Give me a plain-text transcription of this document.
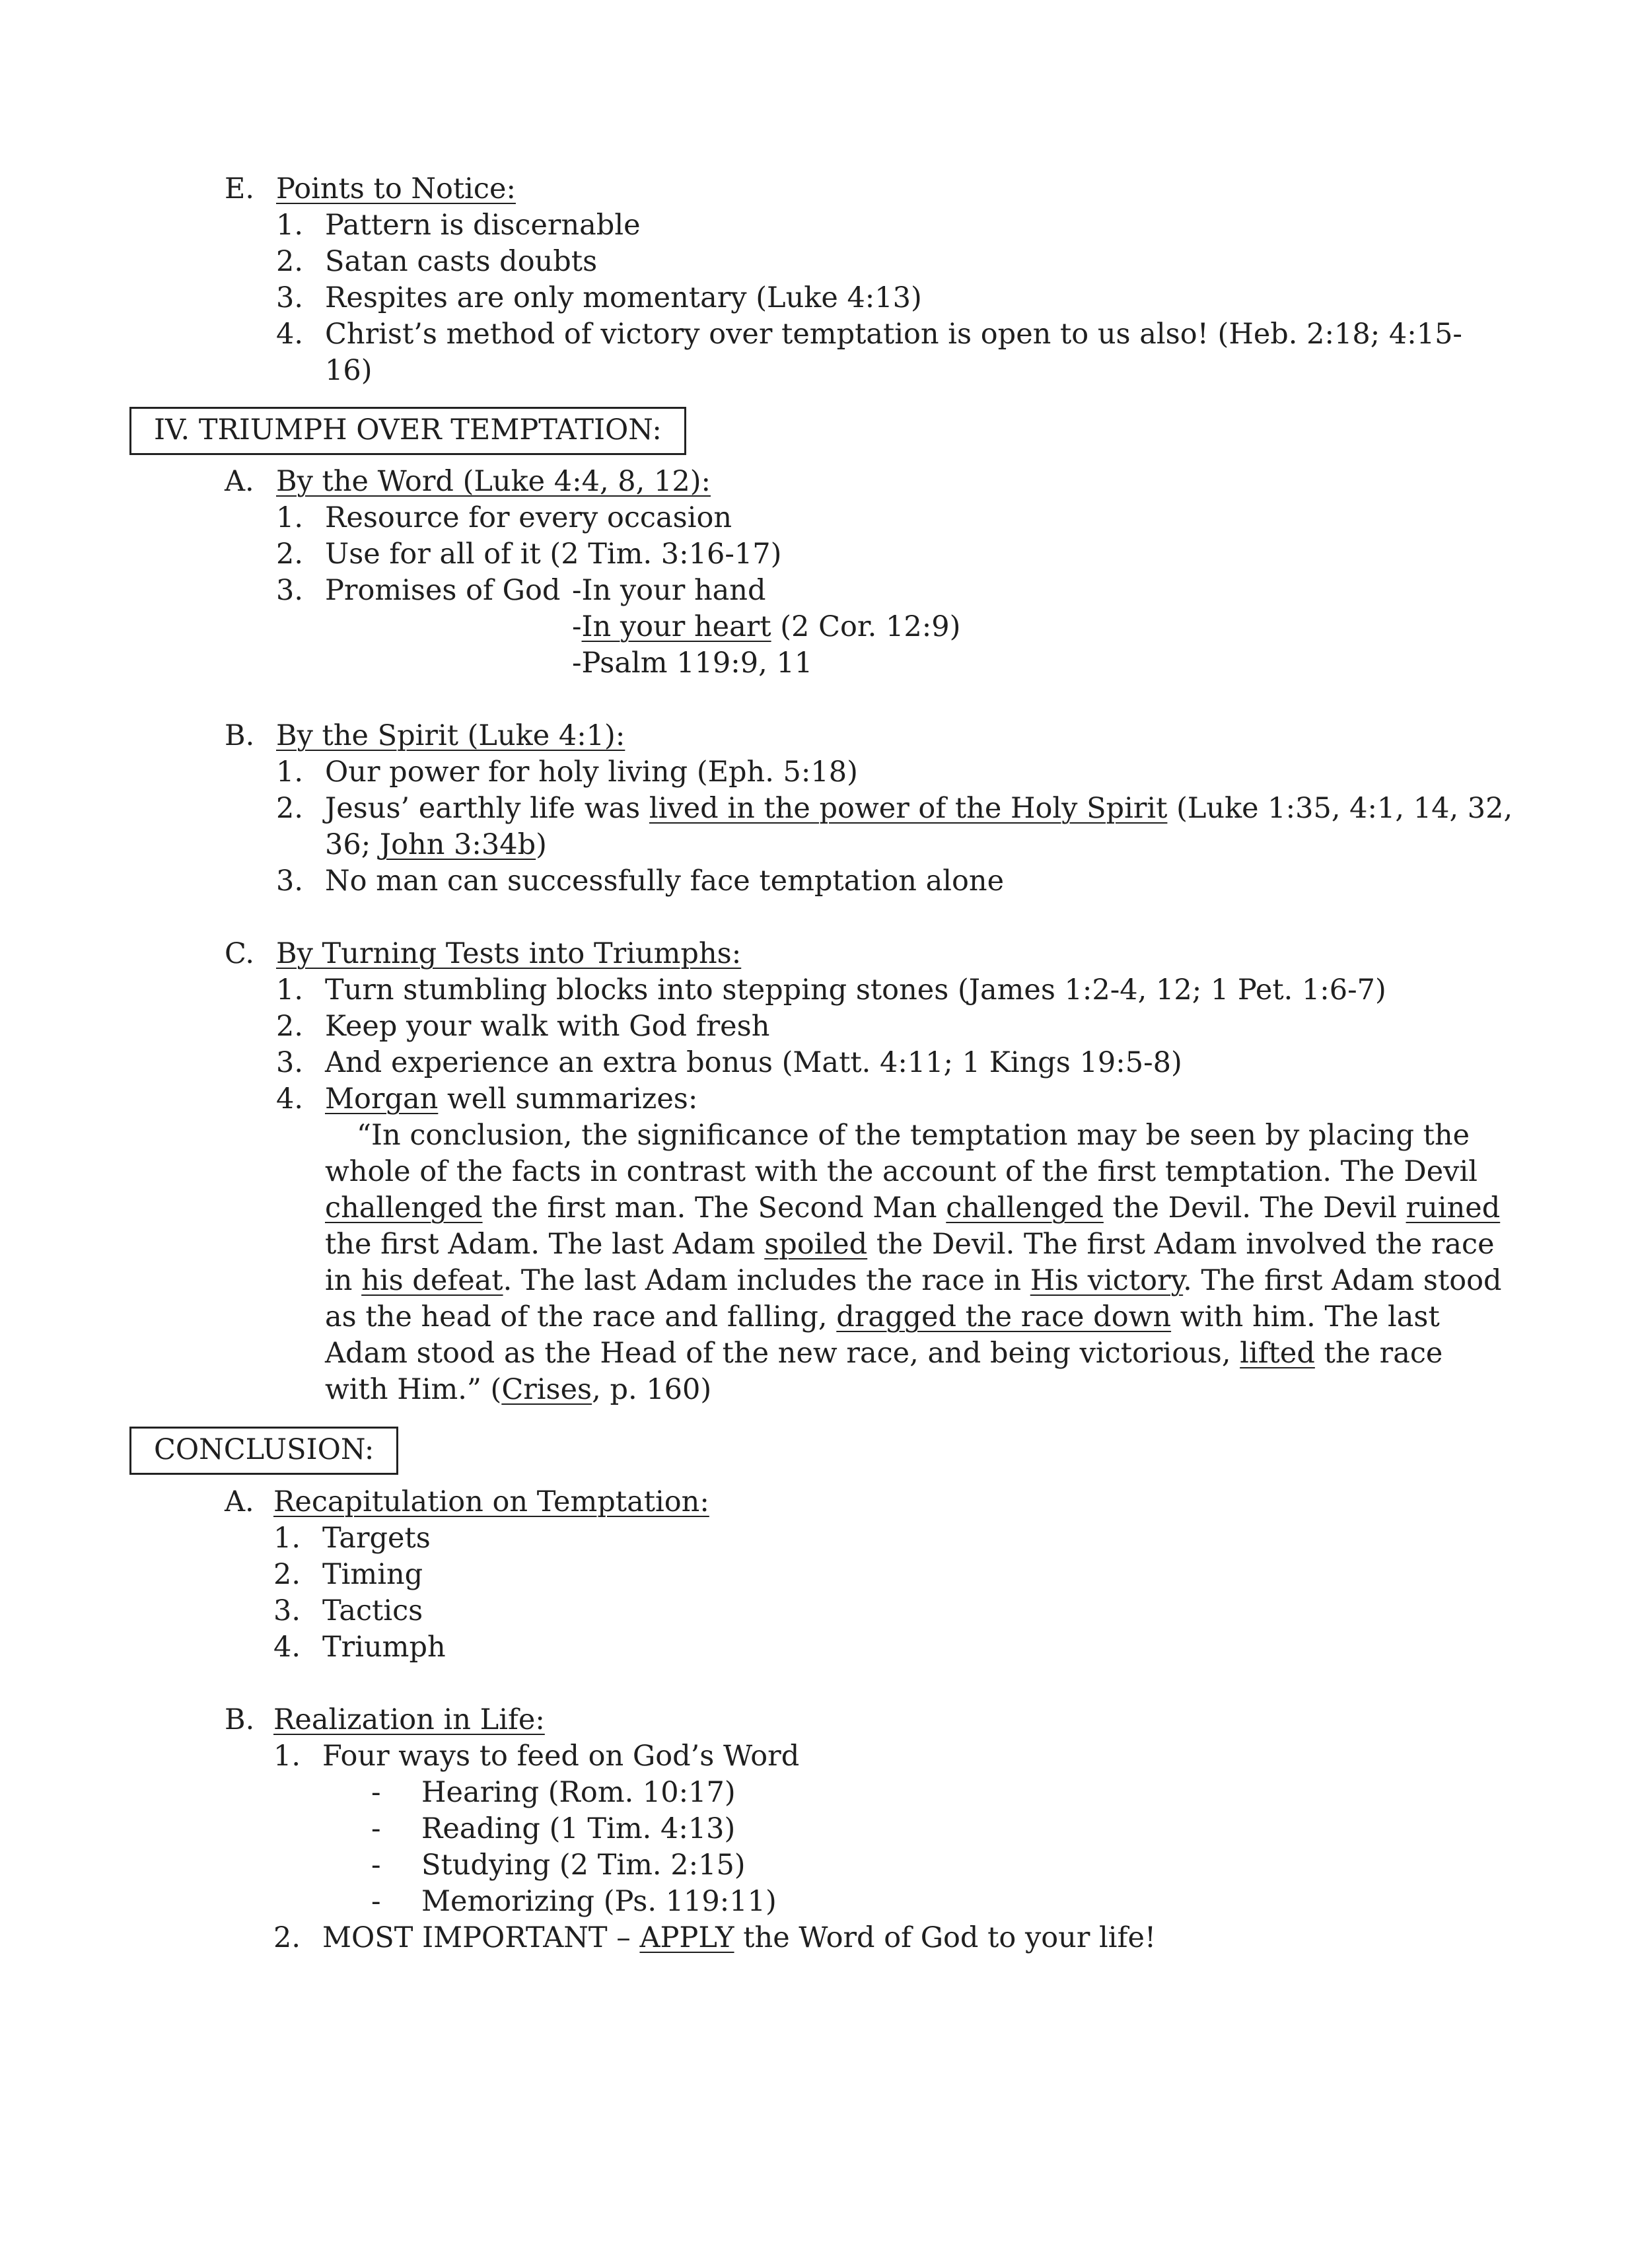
E. Points to Notice:
1. Pattern is discernable
2. Satan casts doubts
3. Respites are only momentary (Luke 4:13)
4. Christ’s method of victory over temptation is open to us also! (Heb. 2:18; 4:15-
16)
IV. TRIUMPH OVER TEMPTATION:
A. By the Word (Luke 4:4, 8, 12):
1. Resource for every occasion
2. Use for all of it (2 Tim. 3:16-17)
3. Promises of God -In your hand
-In your heart (2 Cor. 12:9)
-Psalm 119:9, 11
B. By the Spirit (Luke 4:1):
1. Our power for holy living (Eph. 5:18)
2. Jesus’ earthly life was lived in the power of the Holy Spirit (Luke 1:35, 4:1, 14, 32,
36; John 3:34b)
3. No man can successfully face temptation alone
C. By Turning Tests into Triumphs:
1. Turn stumbling blocks into stepping stones (James 1:2-4, 12; 1 Pet. 1:6-7)
2. Keep your walk with God fresh
3. And experience an extra bonus (Matt. 4:11; 1 Kings 19:5-8)
4. Morgan well summarizes:
“In conclusion, the significance of the temptation may be seen by placing the
whole of the facts in contrast with the account of the first temptation. The Devil
challenged the first man. The Second Man challenged the Devil. The Devil ruined
the first Adam. The last Adam spoiled the Devil. The first Adam involved the race
in his defeat. The last Adam includes the race in His victory. The first Adam stood
as the head of the race and falling, dragged the race down with him. The last
Adam stood as the Head of the new race, and being victorious, lifted the race
with Him.” (Crises, p. 160)
CONCLUSION:
A. Recapitulation on Temptation:
1. Targets
2. Timing
3. Tactics
4. Triumph
B. Realization in Life:
1. Four ways to feed on God’s Word
- Hearing (Rom. 10:17)
- Reading (1 Tim. 4:13)
- Studying (2 Tim. 2:15)
- Memorizing (Ps. 119:11)
2. MOST IMPORTANT – APPLY the Word of God to your life!
